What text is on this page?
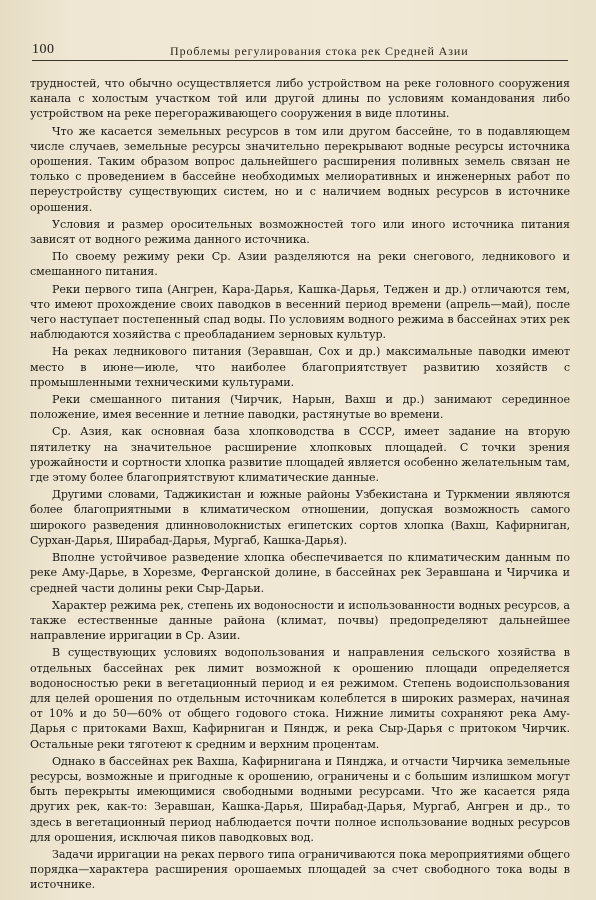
100	Проблемы регулирования стока рек Средней Азии

трудностей, что обычно осуществляется либо устройством на реке головного сооружения канала с холостым участком той или другой длины по условиям командования либо устройством на реке перегораживающего сооружения в виде плотины.

Что же касается земельных ресурсов в том или другом бассейне, то в подавляющем числе случаев, земельные ресурсы значительно перекрывают водные ресурсы источника орошения. Таким образом вопрос дальнейшего расширения поливных земель связан не только с проведением в бассейне необходимых мелиоративных и инженерных работ по переустройству существующих систем, но и с наличием водных ресурсов в источнике орошения.

Условия и размер оросительных возможностей того или иного источника питания зависят от водного режима данного источника.

По своему режиму реки Ср. Азии разделяются на реки снегового, ледникового и смешанного питания.

Реки первого типа (Ангрен, Кара-Дарья, Кашка-Дарья, Теджен и др.) отличаются тем, что имеют прохождение своих паводков в весенний период времени (апрель—май), после чего наступает постепенный спад воды. По условиям водного режима в бассейнах этих рек наблюдаются хозяйства с преобладанием зерновых культур.

На реках ледникового питания (Зеравшан, Сох и др.) максимальные паводки имеют место в июне—июле, что наиболее благоприятствует развитию хозяйств с промышленными техническими культурами.

Реки смешанного питания (Чирчик, Нарын, Вахш и др.) занимают серединное положение, имея весенние и летние паводки, растянутые во времени.

Ср. Азия, как основная база хлопководства в СССР, имеет задание на вторую пятилетку на значительное расширение хлопковых площадей. С точки зрения урожайности и сортности хлопка развитие площадей является особенно желательным там, где этому более благоприятствуют климатические данные.

Другими словами, Таджикистан и южные районы Узбекистана и Туркмении являются более благоприятными в климатическом отношении, допуская возможность самого широкого разведения длинноволокнистых египетских сортов хлопка (Вахш, Кафирниган, Сурхан-Дарья, Ширабад-Дарья, Мургаб, Кашка-Дарья).

Вполне устойчивое разведение хлопка обеспечивается по климатическим данным по реке Аму-Дарье, в Хорезме, Ферганской долине, в бассейнах рек Зеравшана и Чирчика и средней части долины реки Сыр-Дарьи.

Характер режима рек, степень их водоносности и использованности водных ресурсов, а также естественные данные района (климат, почвы) предопределяют дальнейшее направление ирригации в Ср. Азии.

В существующих условиях водопользования и направления сельского хозяйства в отдельных бассейнах рек лимит возможной к орошению площади определяется водоносностью реки в вегетационный период и ея режимом. Степень водоиспользования для целей орошения по отдельным источникам колеблется в широких размерах, начиная от 10% и до 50—60% от общего годового стока. Нижние лимиты сохраняют река Аму-Дарья с притоками Вахш, Кафирниган и Пяндж, и река Сыр-Дарья с притоком Чирчик. Остальные реки тяготеют к средним и верхним процентам.

Однако в бассейнах рек Вахша, Кафирнигана и Пянджа, и отчасти Чирчика земельные ресурсы, возможные и пригодные к орошению, ограничены и с большим излишком могут быть перекрыты имеющимися свободными водными ресурсами. Что же касается ряда других рек, как-то: Зеравшан, Кашка-Дарья, Ширабад-Дарья, Мургаб, Ангрен и др., то здесь в вегетационный период наблюдается почти полное использование водных ресурсов для орошения, исключая пиков паводковых вод.

Задачи ирригации на реках первого типа ограничиваются пока мероприятиями общего порядка—характера расширения орошаемых площадей за счет свободного тока воды в источнике.
